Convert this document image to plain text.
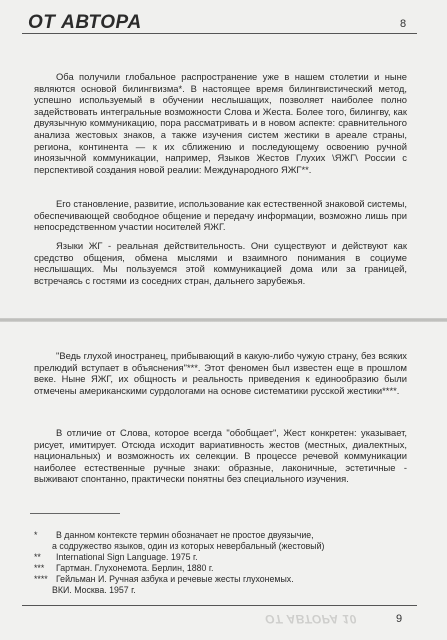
ОТ АВТОРА	8

Оба получили глобальное распространение уже в нашем столетии и ныне являются основой билингвизма*. В настоящее время билингвистический метод, успешно используемый в обучении неслышащих, позволяет наиболее полно задействовать интегральные возможности Слова и Жеста. Более того, билингву, как двуязычную коммуникацию, пора рассматривать и в новом аспекте: сравнительного анализа жестовых знаков, а также изучения систем жестики в ареале страны, региона, континента — к их сближению и последующему освоению ручной иноязычной коммуникации, например, Языков Жестов Глухих \ЯЖГ\ России с перспективой создания новой реалии: Международного ЯЖГ**.

Его становление, развитие, использование как естественной знаковой системы, обеспечивающей свободное общение и передачу информации, возможно лишь при непосредственном участии носителей ЯЖГ.

Языки ЖГ - реальная действительность. Они существуют и действуют как средство общения, обмена мыслями и взаимного понимания в социуме неслышащих. Мы пользуемся этой коммуникацией дома или за границей, встречаясь с гостями из соседних стран, дальнего зарубежья.

"Ведь глухой иностранец, прибывающий в какую-либо чужую страну, без всяких прелюдий вступает в объяснения"***. Этот феномен был известен еще в прошлом веке. Ныне ЯЖГ, их общность и реальность приведения к единообразию были отмечены американскими сурдологами на основе систематики русской жестики****.

В отличие от Слова, которое всегда "обобщает", Жест конкретен: указывает, рисует, имитирует. Отсюда исходит вариативность жестов (местных, диалектных, национальных) и возможность их селекции. В процессе речевой коммуникации наиболее естественные ручные знаки: образные, лаконичные, эстетичные - выживают спонтанно, практически понятны без специального изучения.

*	В данном контексте термин обозначает не простое двуязычие,
а содружество языков, один из которых невербальный (жестовый)
**	International Sign Language. 1975 г.
***	Гартман. Глухонемота. Берлин, 1880 г.
**** Гейльман И. Ручная азбука и речевые жесты глухонемых.
ВКИ. Москва. 1957 г.
ОТ АВТОРА 10	9
